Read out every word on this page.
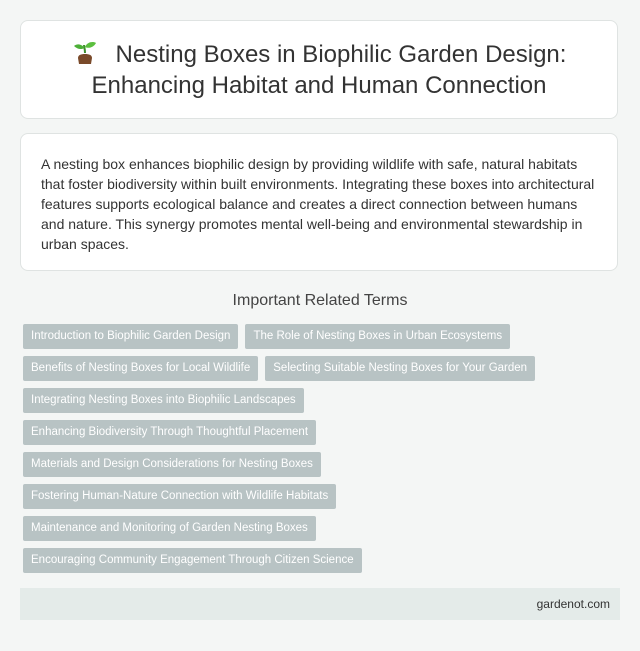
Nesting Boxes in Biophilic Garden Design: Enhancing Habitat and Human Connection

A nesting box enhances biophilic design by providing wildlife with safe, natural habitats that foster biodiversity within built environments. Integrating these boxes into architectural features supports ecological balance and creates a direct connection between humans and nature. This synergy promotes mental well-being and environmental stewardship in urban spaces.

Important Related Terms
Introduction to Biophilic Garden Design	The Role of Nesting Boxes in Urban Ecosystems
Benefits of Nesting Boxes for Local Wildlife	Selecting Suitable Nesting Boxes for Your Garden
Integrating Nesting Boxes into Biophilic Landscapes
Enhancing Biodiversity Through Thoughtful Placement
Materials and Design Considerations for Nesting Boxes
Fostering Human-Nature Connection with Wildlife Habitats
Maintenance and Monitoring of Garden Nesting Boxes
Encouraging Community Engagement Through Citizen Science
gardenot.com
